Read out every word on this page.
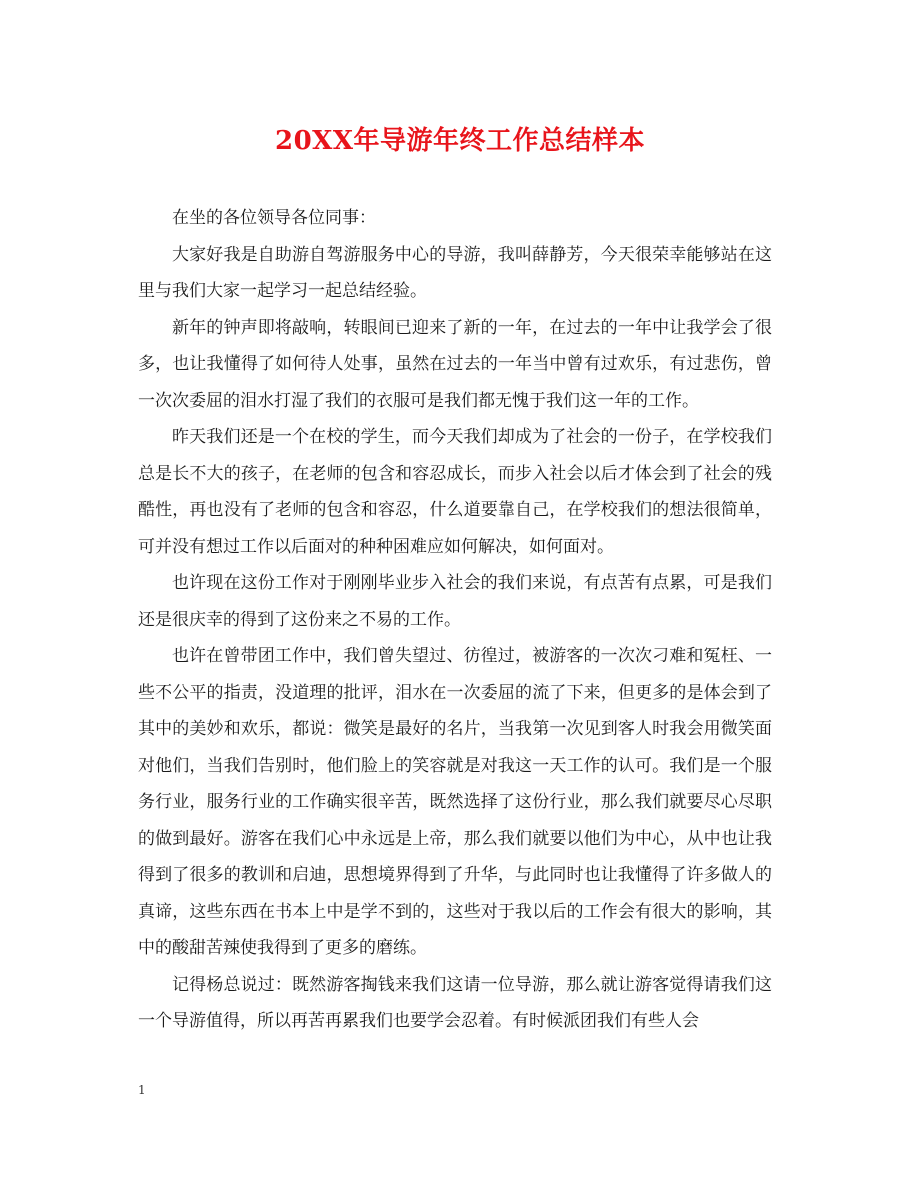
20XX年导游年终工作总结样本

在坐的各位领导各位同事：

大家好我是自助游自驾游服务中心的导游，我叫薛静芳，今天很荣幸能够站在这里与我们大家一起学习一起总结经验。

新年的钟声即将敲响，转眼间已迎来了新的一年，在过去的一年中让我学会了很多，也让我懂得了如何待人处事，虽然在过去的一年当中曾有过欢乐，有过悲伤，曾一次次委屈的泪水打湿了我们的衣服可是我们都无愧于我们这一年的工作。

昨天我们还是一个在校的学生，而今天我们却成为了社会的一份子，在学校我们总是长不大的孩子，在老师的包含和容忍成长，而步入社会以后才体会到了社会的残酷性，再也没有了老师的包含和容忍，什么道要靠自己，在学校我们的想法很简单，可并没有想过工作以后面对的种种困难应如何解决，如何面对。

也许现在这份工作对于刚刚毕业步入社会的我们来说，有点苦有点累，可是我们还是很庆幸的得到了这份来之不易的工作。

也许在曾带团工作中，我们曾失望过、彷徨过，被游客的一次次刁难和冤枉、一些不公平的指责，没道理的批评，泪水在一次委屈的流了下来，但更多的是体会到了其中的美妙和欢乐，都说：微笑是最好的名片，当我第一次见到客人时我会用微笑面对他们，当我们告别时，他们脸上的笑容就是对我这一天工作的认可。我们是一个服务行业，服务行业的工作确实很辛苦，既然选择了这份行业，那么我们就要尽心尽职的做到最好。游客在我们心中永远是上帝，那么我们就要以他们为中心，从中也让我得到了很多的教训和启迪，思想境界得到了升华，与此同时也让我懂得了许多做人的真谛，这些东西在书本上中是学不到的，这些对于我以后的工作会有很大的影响，其中的酸甜苦辣使我得到了更多的磨练。

记得杨总说过：既然游客掏钱来我们这请一位导游，那么就让游客觉得请我们这一个导游值得，所以再苦再累我们也要学会忍着。有时候派团我们有些人会

1
